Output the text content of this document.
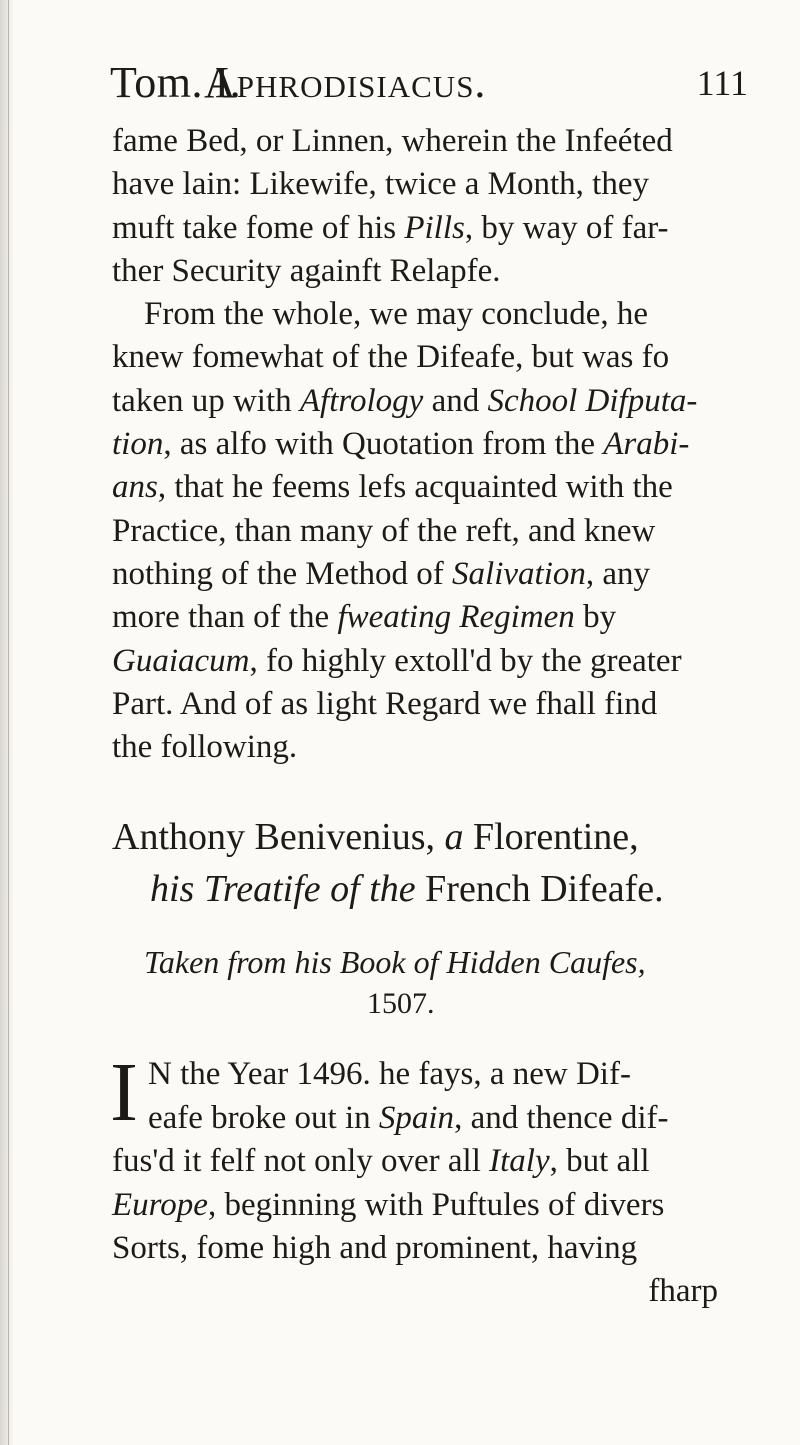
Tom. I.
Aphrodisiacus.	111
fame Bed, or Linnen, wherein the Infeéted
have lain: Likewife, twice a Month, they
muft take fome of his Pills, by way of far-
ther Security againft Relapfe.
From the whole, we may conclude, he
knew fomewhat of the Difeafe, but was fo
taken up with Aftrology and School Difputa-
tion, as alfo with Quotation from the Arabi-
ans, that he feems lefs acquainted with the
Practice, than many of the reft, and knew
nothing of the Method of Salivation, any
more than of the fweating Regimen by
Guaiacum, fo highly extoll'd by the greater
Part. And of as light Regard we fhall find
the following.
Anthony Benivenius, a Florentine,
his Treatife of the French Difeafe.
Taken from his Book of Hidden Caufes,
1507.
I N the Year 1496. he fays, a new Dif-
eafe broke out in Spain, and thence dif-
fus'd it felf not only over all Italy, but all
Europe, beginning with Puftules of divers
Sorts, fome high and prominent, having
fharp
